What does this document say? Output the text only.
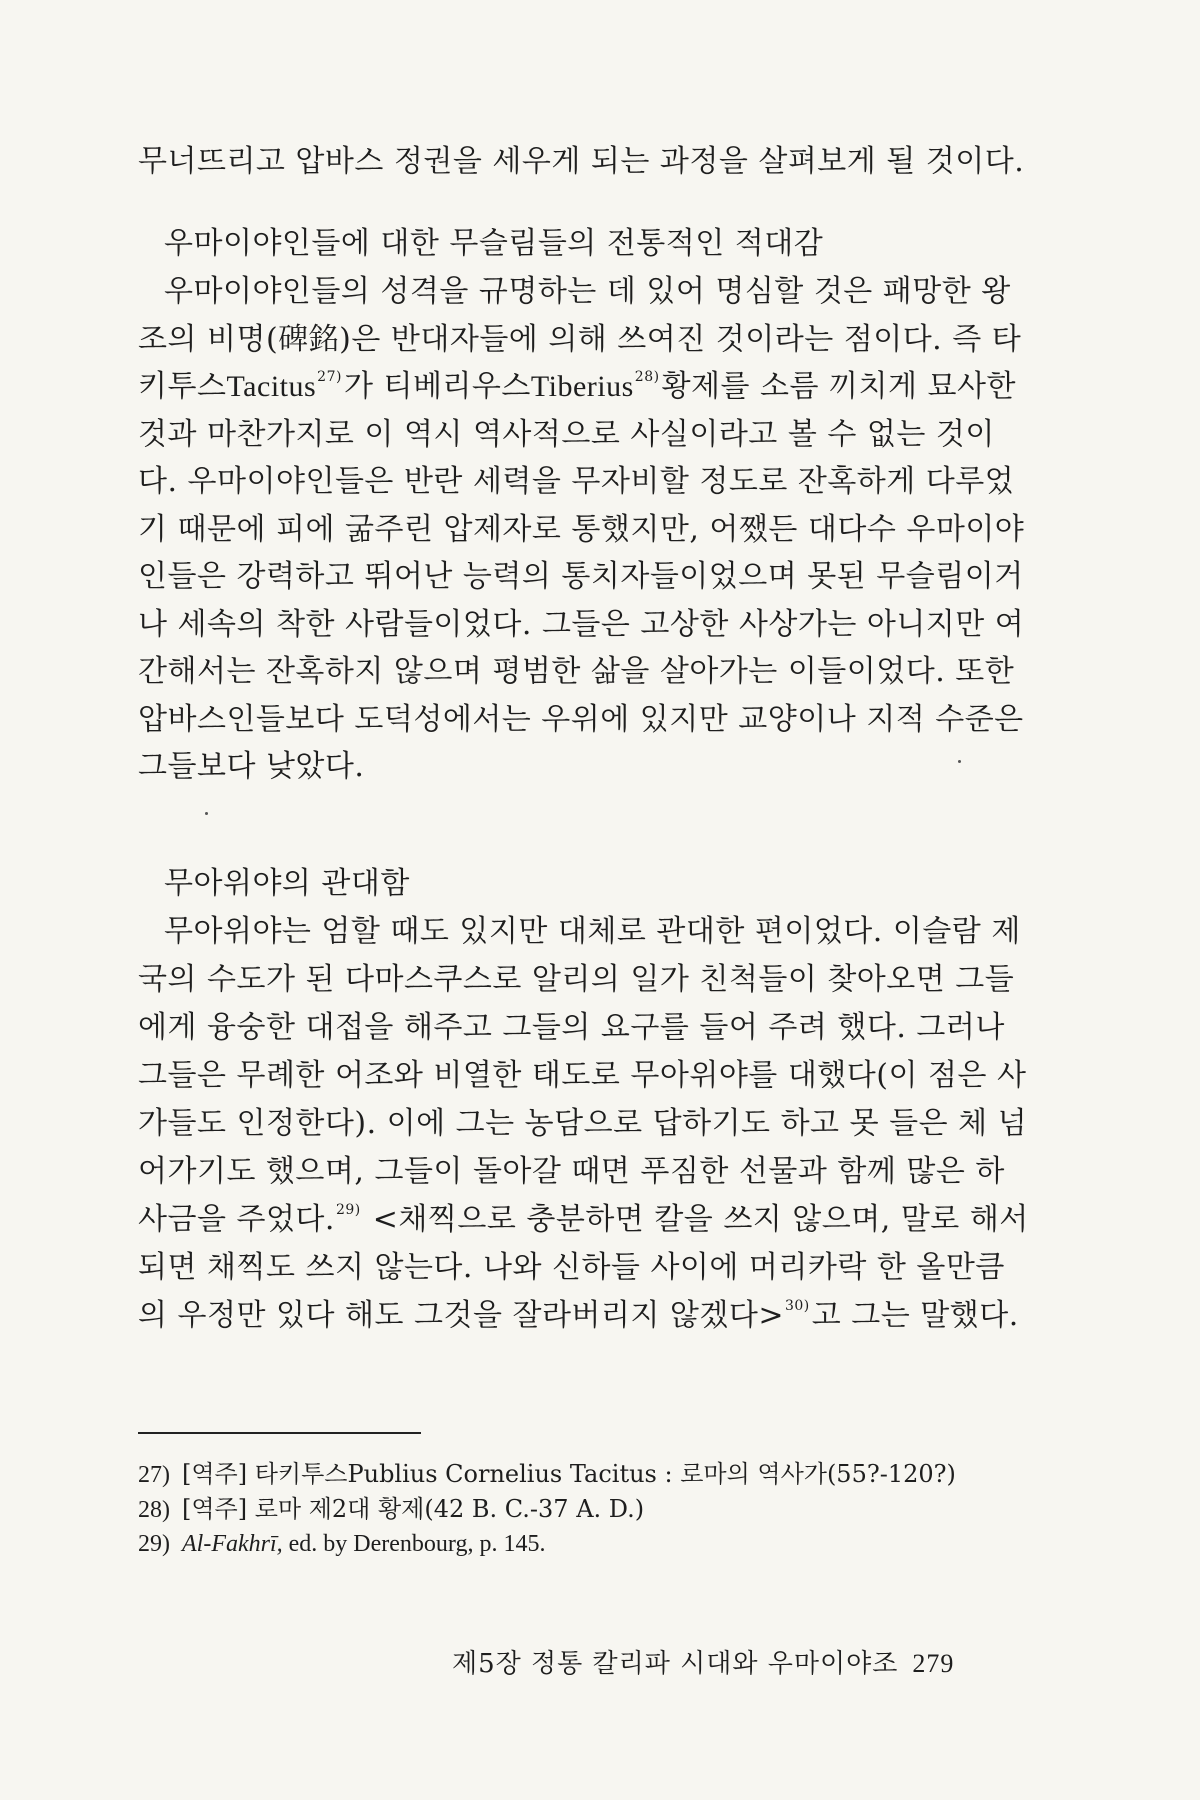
무너뜨리고 압바스 정권을 세우게 되는 과정을 살펴보게 될 것이다.
우마이야인들에 대한 무슬림들의 전통적인 적대감
우마이야인들의 성격을 규명하는 데 있어 명심할 것은 패망한 왕
조의 비명(碑銘)은 반대자들에 의해 쓰여진 것이라는 점이다. 즉 타
키투스Tacitus$^{27)}$가 티베리우스Tiberius$^{28)}$황제를 소름 끼치게 묘사한
것과 마찬가지로 이 역시 역사적으로 사실이라고 볼 수 없는 것이
다. 우마이야인들은 반란 세력을 무자비할 정도로 잔혹하게 다루었
기 때문에 피에 굶주린 압제자로 통했지만, 어쨌든 대다수 우마이야
인들은 강력하고 뛰어난 능력의 통치자들이었으며 못된 무슬림이거
나 세속의 착한 사람들이었다. 그들은 고상한 사상가는 아니지만 여
간해서는 잔혹하지 않으며 평범한 삶을 살아가는 이들이었다. 또한
압바스인들보다 도덕성에서는 우위에 있지만 교양이나 지적 수준은
그들보다 낮았다.
무아위야의 관대함
무아위야는 엄할 때도 있지만 대체로 관대한 편이었다. 이슬람 제
국의 수도가 된 다마스쿠스로 알리의 일가 친척들이 찾아오면 그들
에게 융숭한 대접을 해주고 그들의 요구를 들어 주려 했다. 그러나
그들은 무례한 어조와 비열한 태도로 무아위야를 대했다(이 점은 사
가들도 인정한다). 이에 그는 농담으로 답하기도 하고 못 들은 체 넘
어가기도 했으며, 그들이 돌아갈 때면 푸짐한 선물과 함께 많은 하
사금을 주었다.$^{29)}$ <채찍으로 충분하면 칼을 쓰지 않으며, 말로 해서
되면 채찍도 쓰지 않는다. 나와 신하들 사이에 머리카락 한 올만큼
의 우정만 있다 해도 그것을 잘라버리지 않겠다>$^{30)}$고 그는 말했다.
27) [역주] 타키투스Publius Cornelius Tacitus : 로마의 역사가(55?-120?)
28) [역주] 로마 제2대 황제(42 B. C.-37 A. D.)
29) Al-Fakhrī, ed. by Derenbourg, p. 145.
제5장 정통 칼리파 시대와 우마이야조 279
